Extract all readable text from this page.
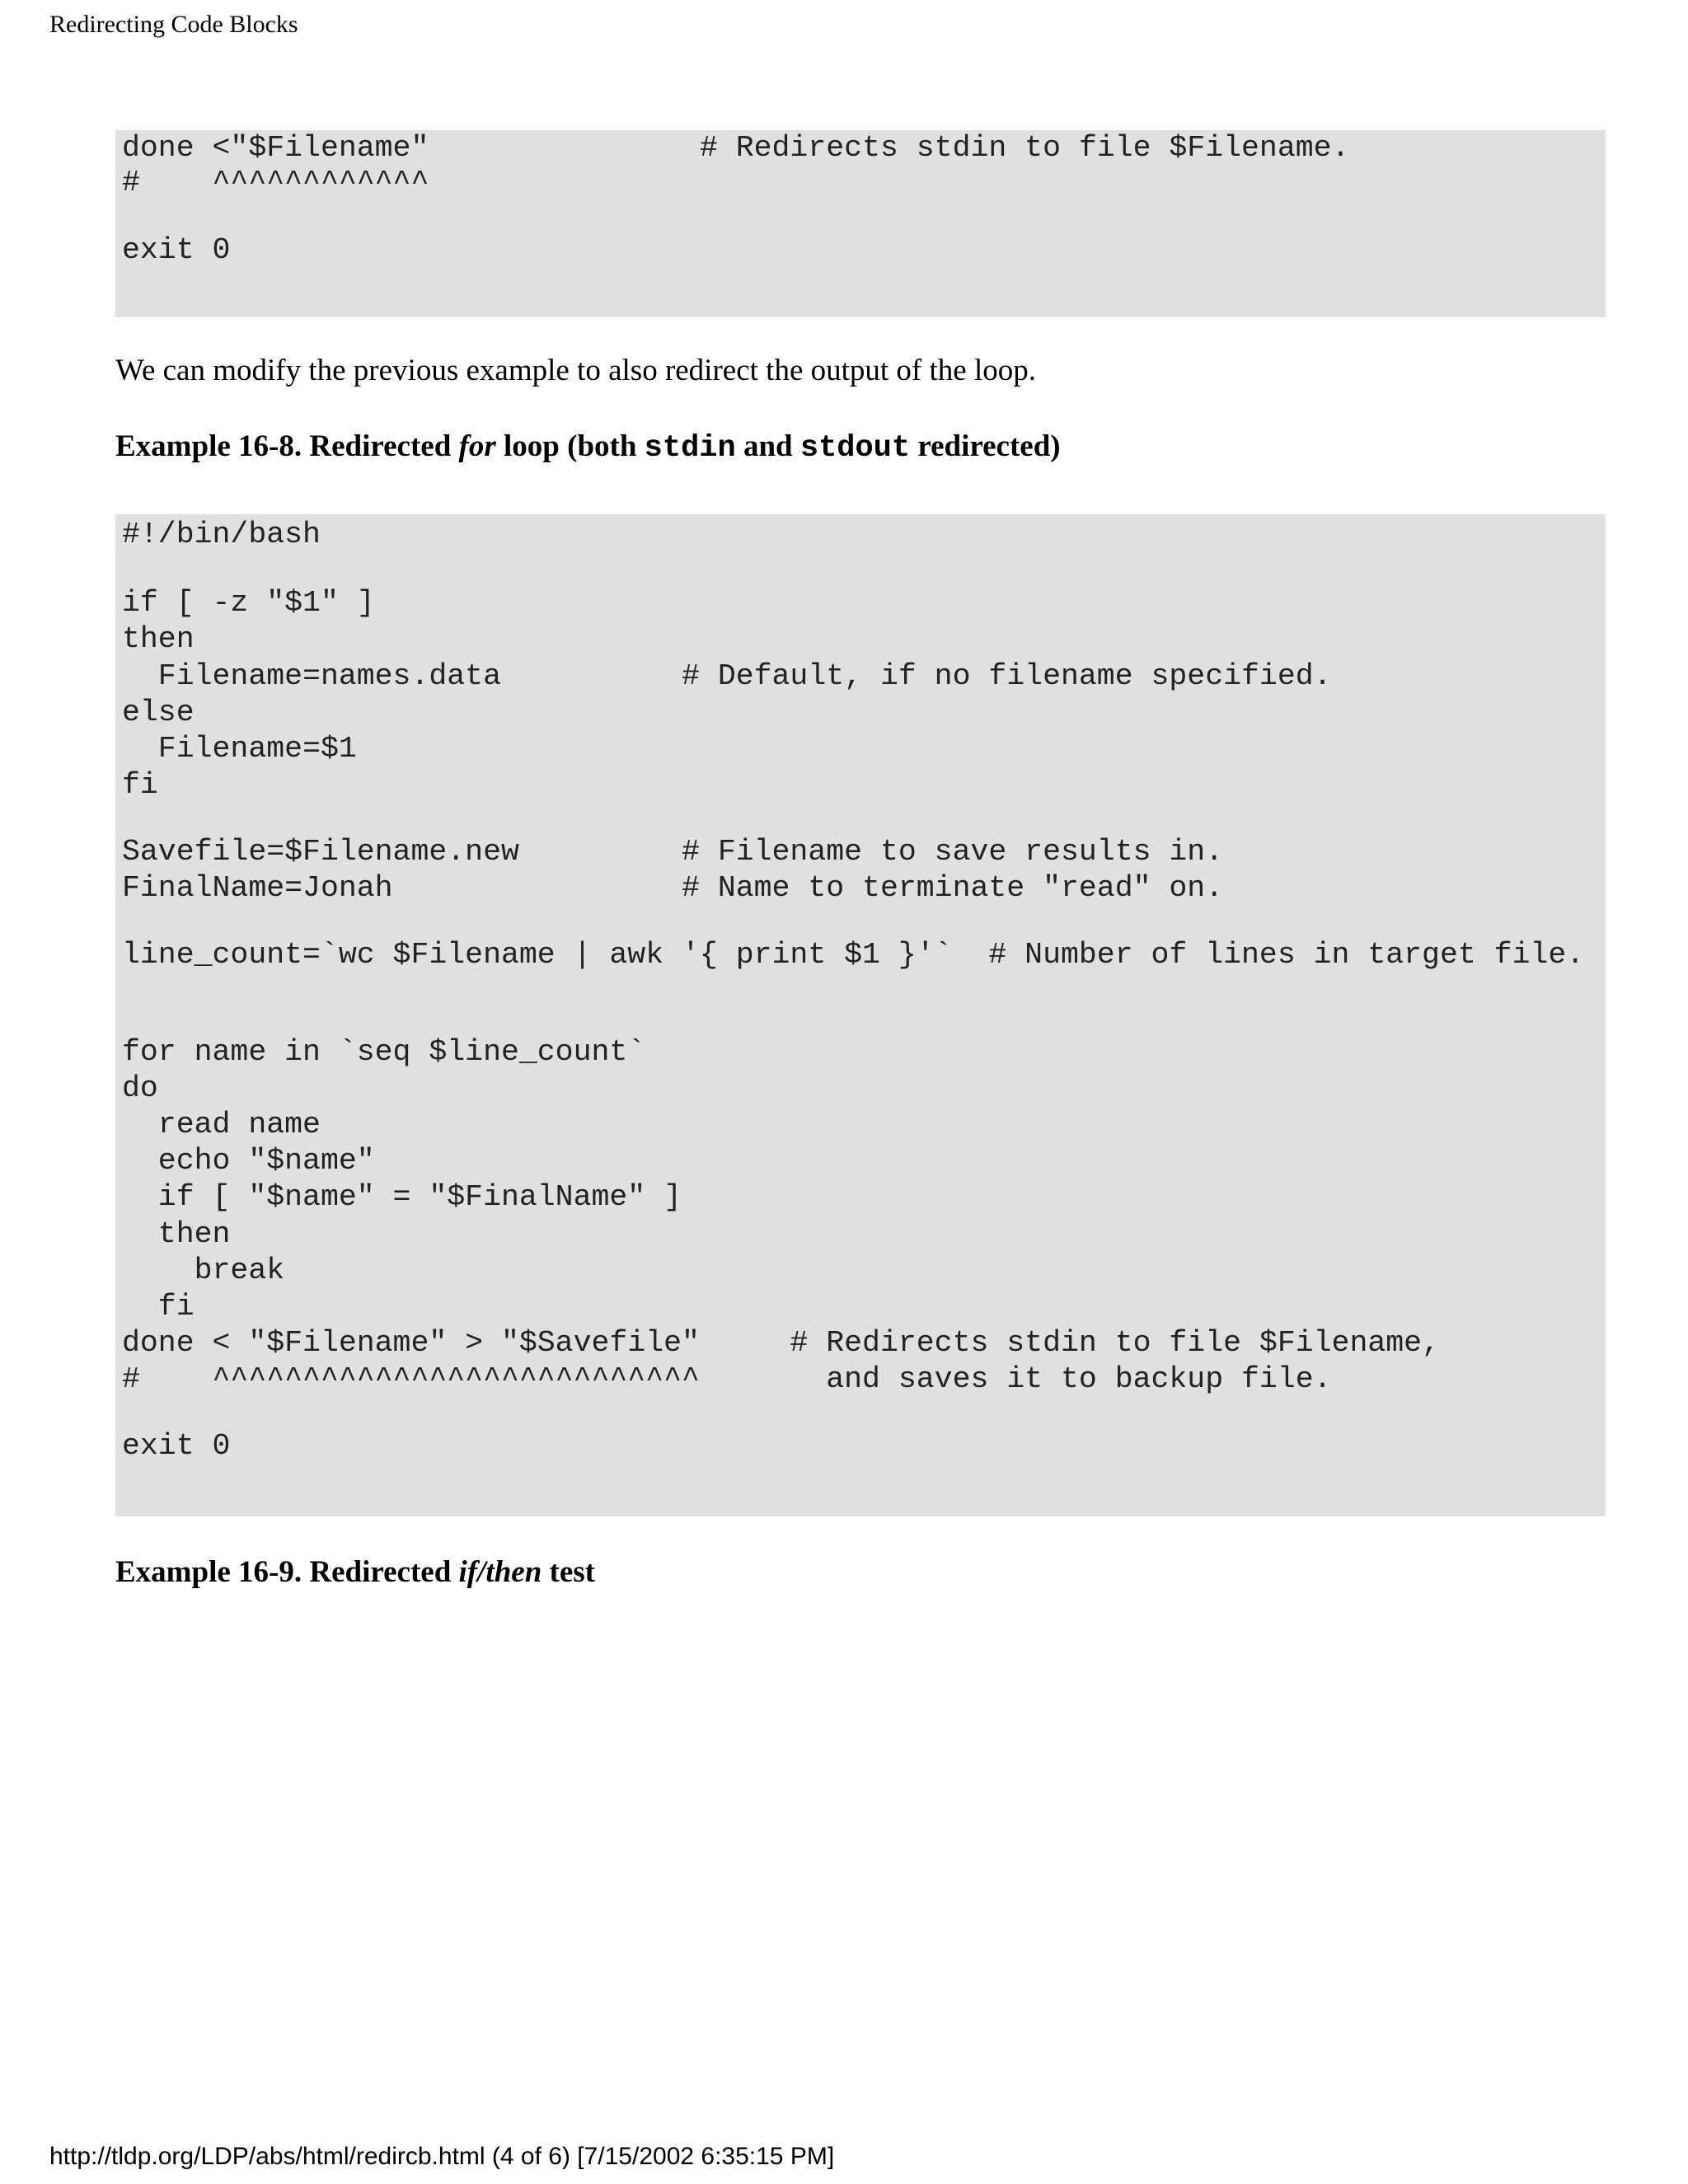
Redirecting Code Blocks
done <"$Filename"               # Redirects stdin to file $Filename.
#    ^^^^^^^^^^^^
exit 0
We can modify the previous example to also redirect the output of the loop.
Example 16-8. Redirected for loop (both stdin and stdout redirected)
#!/bin/bash
if [ -z "$1" ]
then
Filename=names.data          # Default, if no filename specified.
else
Filename=$1
fi
Savefile=$Filename.new         # Filename to save results in.
FinalName=Jonah                # Name to terminate "read" on.
line_count=`wc $Filename | awk '{ print $1 }'`  # Number of lines in target file.
for name in `seq $line_count`
do
read name
echo "$name"
if [ "$name" = "$FinalName" ]
then
break
fi
done < "$Filename" > "$Savefile"     # Redirects stdin to file $Filename,
#    ^^^^^^^^^^^^^^^^^^^^^^^^^^^       and saves it to backup file.
exit 0
Example 16-9. Redirected if/then test
http://tldp.org/LDP/abs/html/redircb.html (4 of 6) [7/15/2002 6:35:15 PM]
